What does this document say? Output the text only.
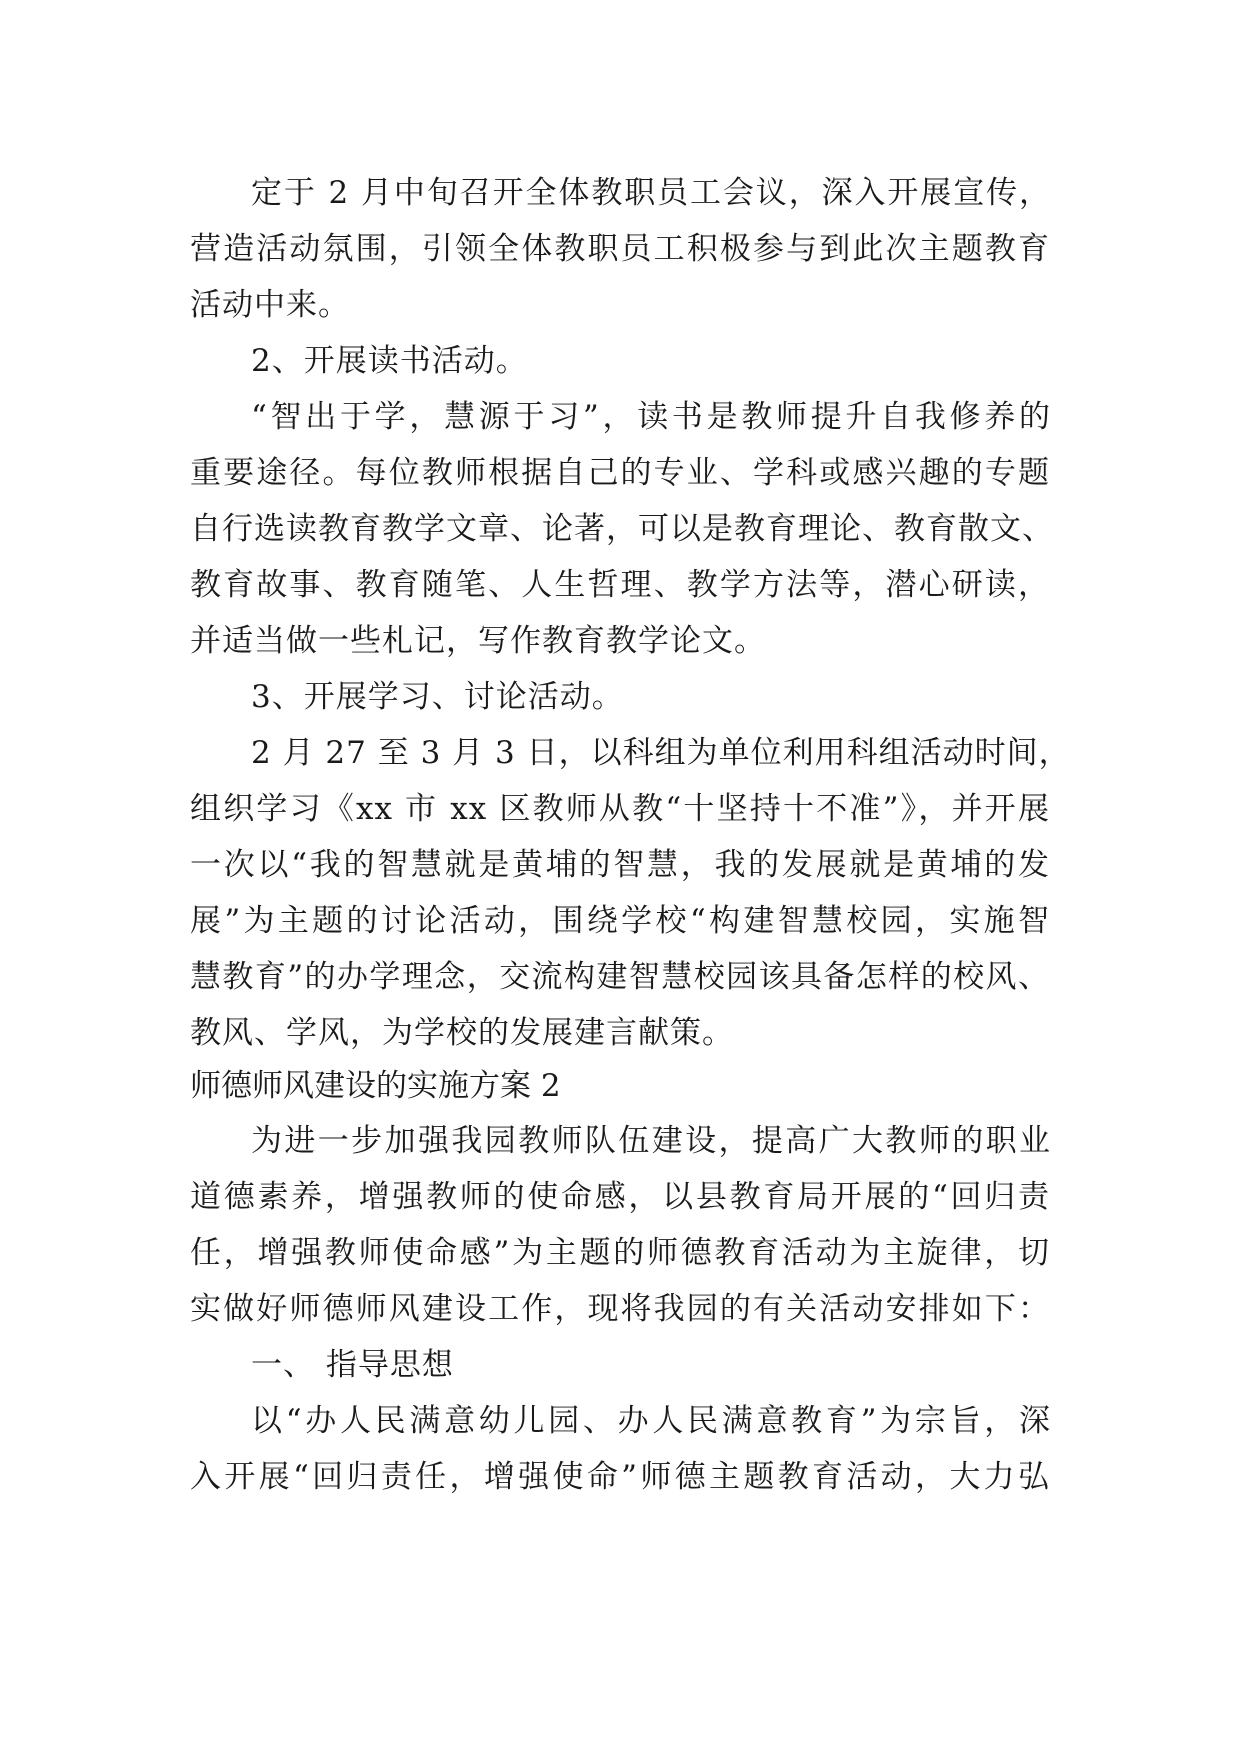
定于 2 月中旬召开全体教职员工会议，深入开展宣传，
营造活动氛围，引领全体教职员工积极参与到此次主题教育
活动中来。
2、开展读书活动。
“智出于学，慧源于习”，读书是教师提升自我修养的
重要途径。每位教师根据自己的专业、学科或感兴趣的专题
自行选读教育教学文章、论著，可以是教育理论、教育散文、
教育故事、教育随笔、人生哲理、教学方法等，潜心研读，
并适当做一些札记，写作教育教学论文。
3、开展学习、讨论活动。
2 月 27 至 3 月 3 日，以科组为单位利用科组活动时间，
组织学习《xx 市 xx 区教师从教“十坚持十不准”》，并开展
一次以“我的智慧就是黄埔的智慧，我的发展就是黄埔的发
展”为主题的讨论活动，围绕学校“构建智慧校园，实施智
慧教育”的办学理念，交流构建智慧校园该具备怎样的校风、
教风、学风，为学校的发展建言献策。
师德师风建设的实施方案 2
为进一步加强我园教师队伍建设，提高广大教师的职业
道德素养，增强教师的使命感，以县教育局开展的“回归责
任，增强教师使命感”为主题的师德教育活动为主旋律，切
实做好师德师风建设工作，现将我园的有关活动安排如下：
一、 指导思想
以“办人民满意幼儿园、办人民满意教育”为宗旨，深
入开展“回归责任，增强使命”师德主题教育活动，大力弘
